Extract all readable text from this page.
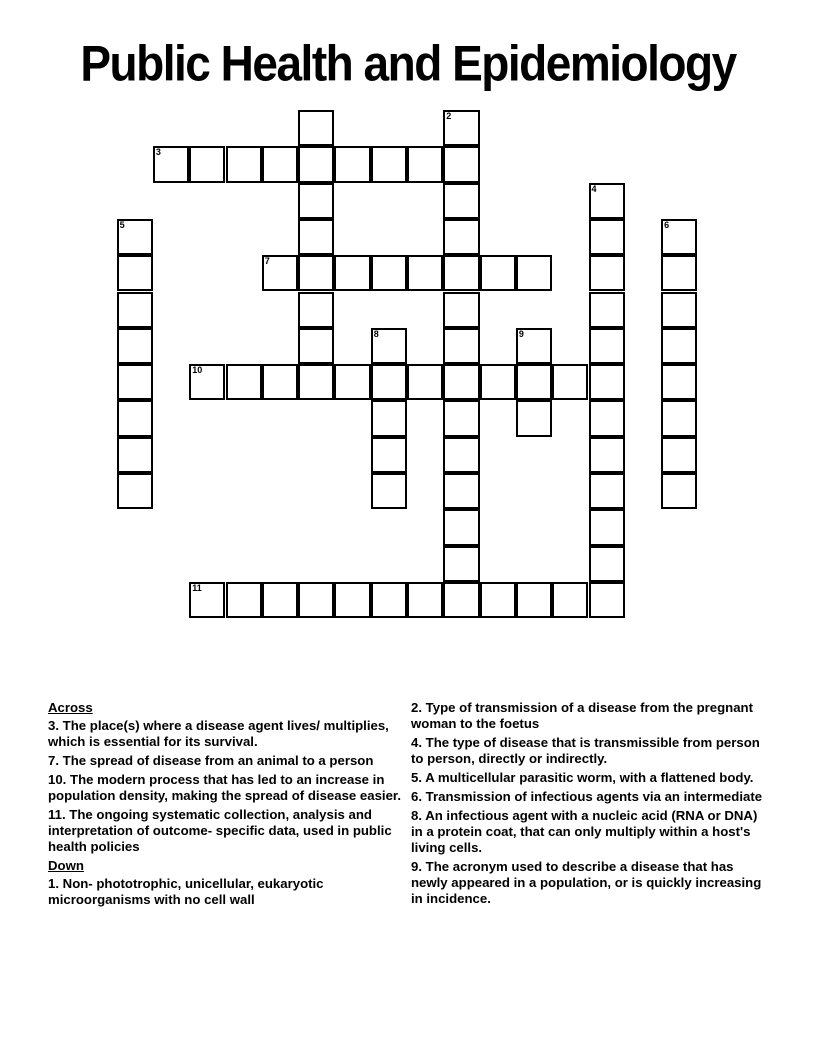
Public Health and Epidemiology
2
3
4
5	6
7
8	9
10
11
Across
3. The place(s) where a disease agent lives/ multiplies, which is essential for its survival.
7. The spread of disease from an animal to a person
10. The modern process that has led to an increase in population density, making the spread of disease easier.
11. The ongoing systematic collection, analysis and interpretation of outcome- specific data, used in public health policies
Down
1. Non- phototrophic, unicellular, eukaryotic microorganisms with no cell wall
2. Type of transmission of a disease from the pregnant woman to the foetus
4. The type of disease that is transmissible from person to person, directly or indirectly.
5. A multicellular parasitic worm, with a flattened body.
6. Transmission of infectious agents via an intermediate
8. An infectious agent with a nucleic acid (RNA or DNA) in a protein coat, that can only multiply within a host's living cells.
9. The acronym used to describe a disease that has newly appeared in a population, or is quickly increasing in incidence.
